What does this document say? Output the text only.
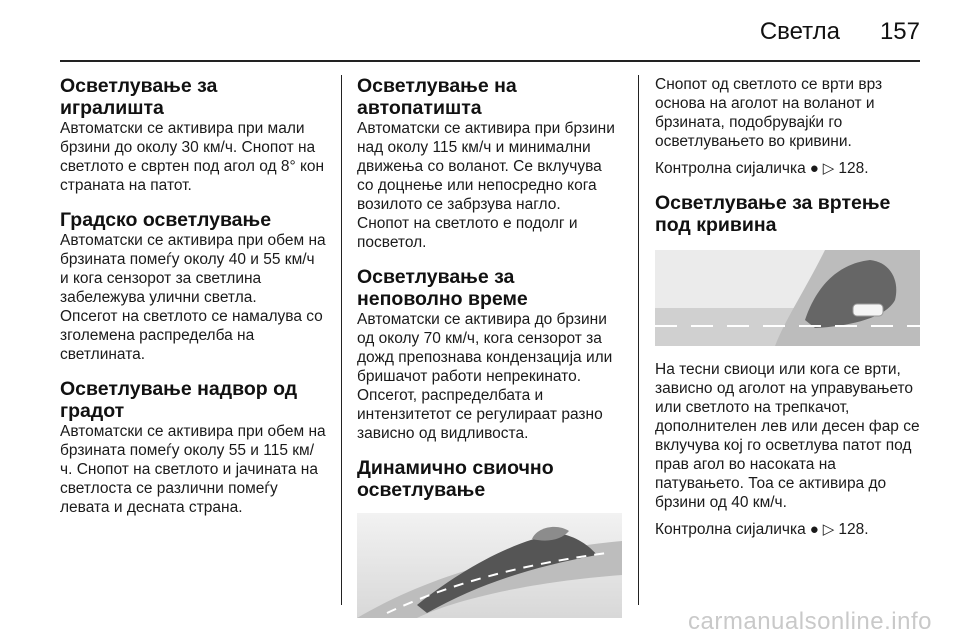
Светла 157
Осветлување за игралишта

Автоматски се активира при мали брзини до околу 30 км/ч. Снопот на светлото е свртен под агол од 8° кон страната на патот.

Градско осветлување

Автоматски се активира при обем на брзината помеѓу околу 40 и 55 км/ч и кога сензорот за светлина забележува улични светла.

Опсегот на светлото се намалува со зголемена распределба на светлината.

Осветлување надвор од градот

Автоматски се активира при обем на брзината помеѓу околу 55 и 115 км/ч. Снопот на светлото и јачината на светлоста се различни помеѓу левата и десната страна.

Осветлување на автопатишта

Автоматски се активира при брзини над околу 115 км/ч и минимални движења со воланот. Се вклучува со доцнење или непосредно кога возилото се забрзува нагло.

Снопот на светлото е подолг и посветол.

Осветлување за неповолно време

Автоматски се активира до брзини од околу 70 км/ч, кога сензорот за дожд препознава кондензација или бришачот работи непрекинато.

Опсегот, распределбата и интензитетот се регулираат разно зависно од видливоста.

Динамично свиочно осветлување

Снопот од светлото се врти врз основа на аголот на воланот и брзината, подобрувајќи го осветлувањето во кривини.

Контролна сијаличка ● ▷ 128.

Осветлување за вртење под кривина

На тесни свиоци или кога се врти, зависно од аголот на управувањето или светлото на трепкачот, дополнителен лев или десен фар се вклучува кој го осветлува патот под прав агол во насоката на патувањето. Тоа се активира до брзини од 40 км/ч.

Контролна сијаличка ● ▷ 128.

carmanualsonline.info
